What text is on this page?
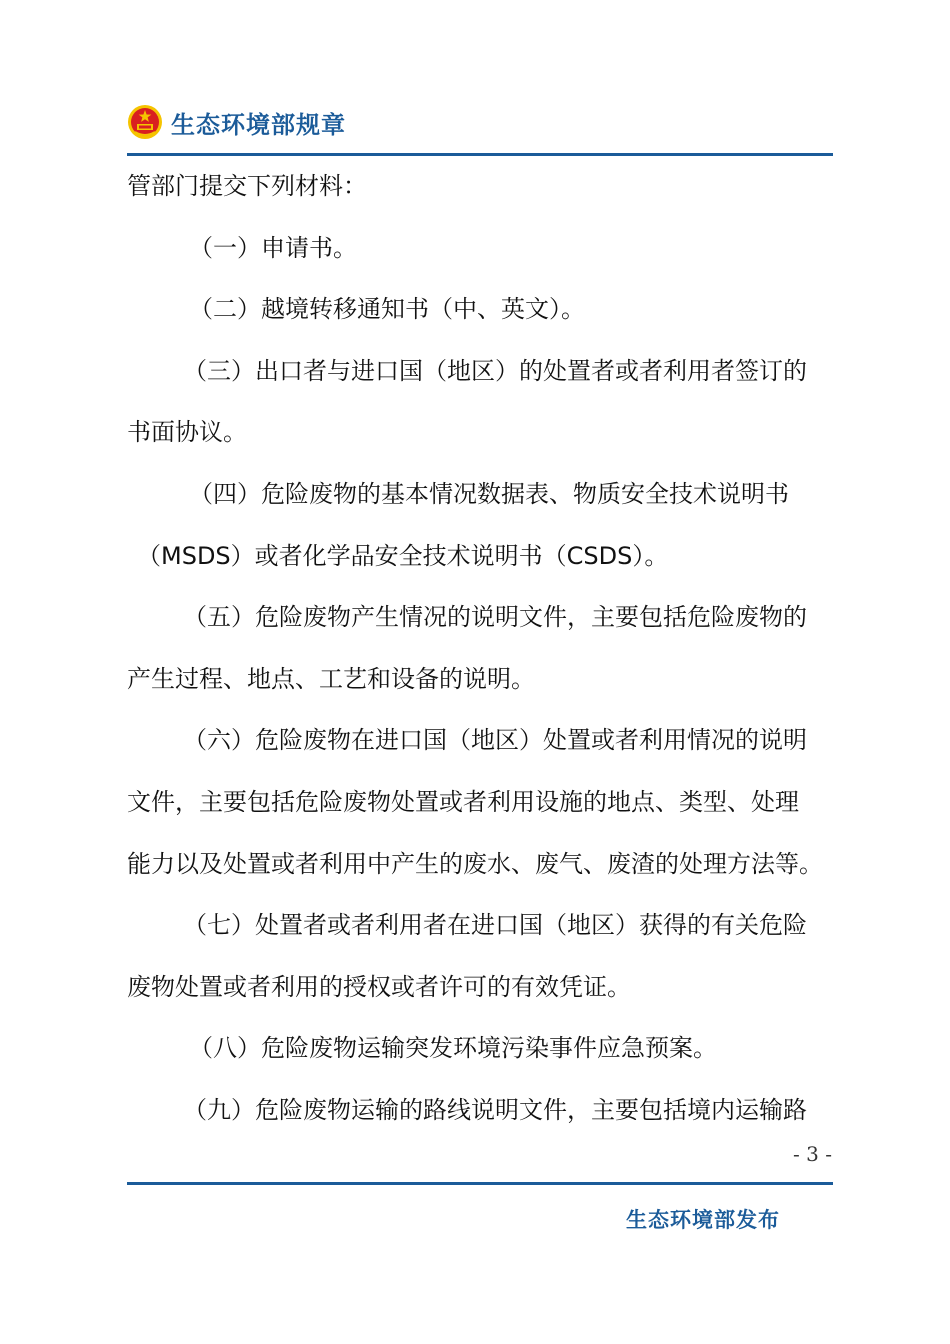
生态环境部规章

管部门提交下列材料：

（一）申请书。

（二）越境转移通知书（中、英文）。

（三）出口者与进口国（地区）的处置者或者利用者签订的

书面协议。

（四）危险废物的基本情况数据表、物质安全技术说明书

（MSDS）或者化学品安全技术说明书（CSDS）。

（五）危险废物产生情况的说明文件，主要包括危险废物的

产生过程、地点、工艺和设备的说明。

（六）危险废物在进口国（地区）处置或者利用情况的说明

文件，主要包括危险废物处置或者利用设施的地点、类型、处理

能力以及处置或者利用中产生的废水、废气、废渣的处理方法等。

（七）处置者或者利用者在进口国（地区）获得的有关危险

废物处置或者利用的授权或者许可的有效凭证。

（八）危险废物运输突发环境污染事件应急预案。

（九）危险废物运输的路线说明文件，主要包括境内运输路

- 3 -
生态环境部发布
